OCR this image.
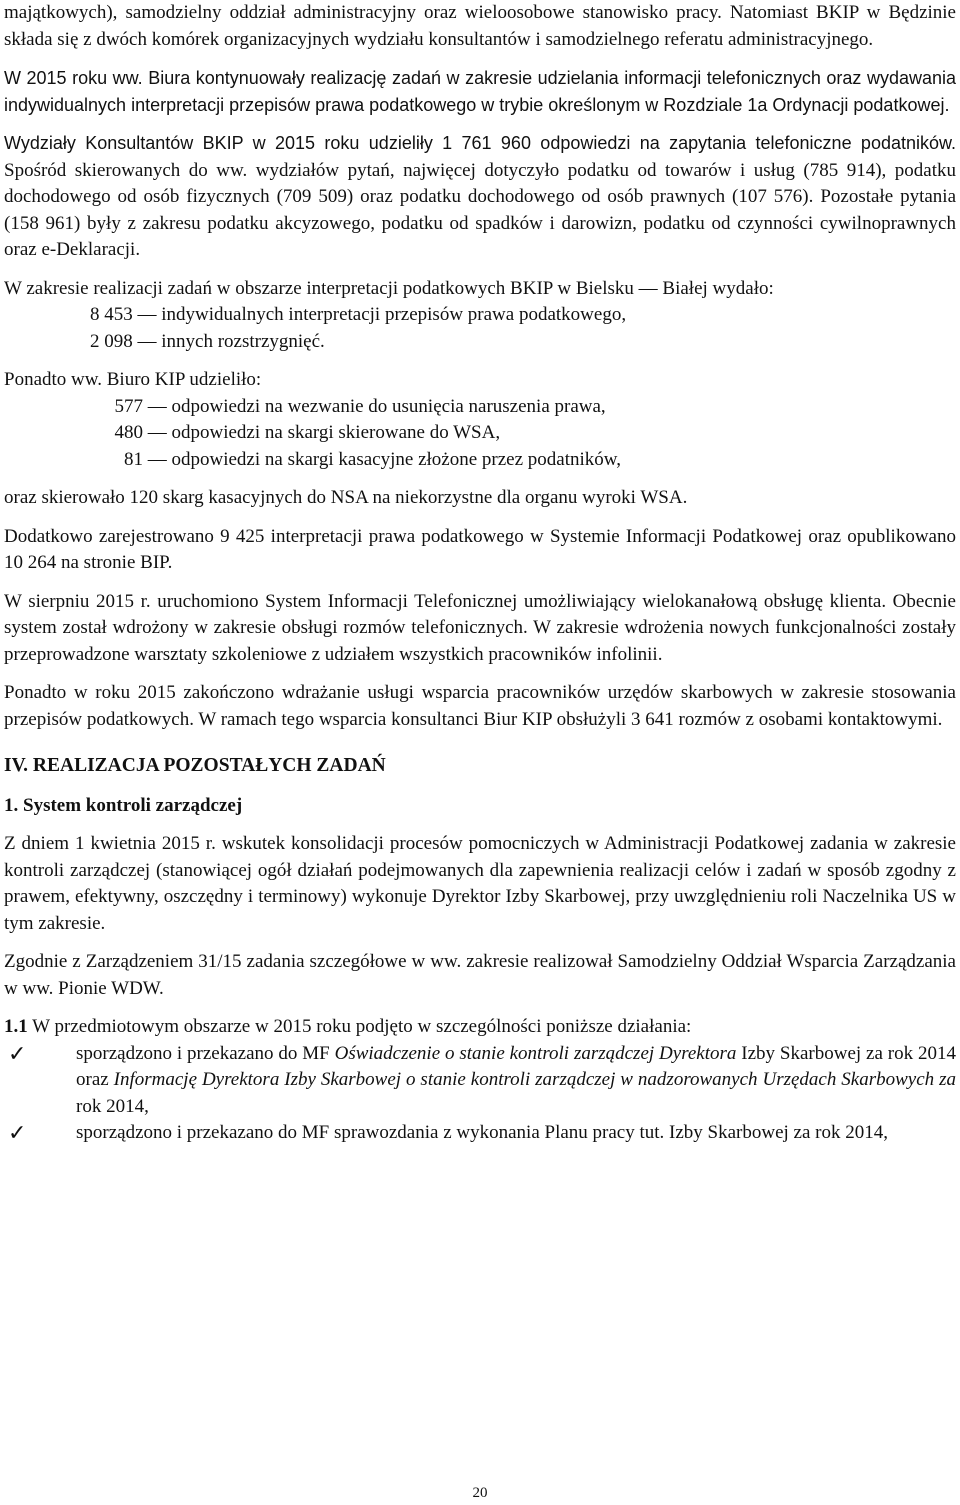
majątkowych), samodzielny oddział administracyjny oraz wieloosobowe stanowisko pracy. Natomiast BKIP w Będzinie składa się z dwóch komórek organizacyjnych wydziału konsultantów i samodzielnego referatu administracyjnego.

W 2015 roku ww. Biura kontynuowały realizację zadań w zakresie udzielania informacji telefonicznych oraz wydawania indywidualnych interpretacji przepisów prawa podatkowego w trybie określonym w Rozdziale 1a Ordynacji podatkowej.

Wydziały Konsultantów BKIP w 2015 roku udzieliły 1 761 960 odpowiedzi na zapytania telefoniczne podatników. Spośród skierowanych do ww. wydziałów pytań, najwięcej dotyczyło podatku od towarów i usług (785 914), podatku dochodowego od osób fizycznych (709 509) oraz podatku dochodowego od osób prawnych (107 576). Pozostałe pytania (158 961) były z zakresu podatku akcyzowego, podatku od spadków i darowizn, podatku od czynności cywilnoprawnych oraz e-Deklaracji.

W zakresie realizacji zadań w obszarze interpretacji podatkowych BKIP w Bielsku ― Białej wydało:

8 453 ― indywidualnych interpretacji przepisów prawa podatkowego,
2 098 ― innych rozstrzygnięć.

Ponadto ww. Biuro KIP udzieliło:

577 ― odpowiedzi na wezwanie do usunięcia naruszenia prawa,
480 ― odpowiedzi na skargi skierowane do WSA,
81 ― odpowiedzi na skargi kasacyjne złożone przez podatników,

oraz skierowało 120 skarg kasacyjnych do NSA na niekorzystne dla organu wyroki WSA.

Dodatkowo zarejestrowano 9 425 interpretacji prawa podatkowego w Systemie Informacji Podatkowej oraz opublikowano 10 264 na stronie BIP.

W sierpniu 2015 r. uruchomiono System Informacji Telefonicznej umożliwiający wielokanałową obsługę klienta. Obecnie system został wdrożony w zakresie obsługi rozmów telefonicznych. W zakresie wdrożenia nowych funkcjonalności zostały przeprowadzone warsztaty szkoleniowe z udziałem wszystkich pracowników infolinii.

Ponadto w roku 2015 zakończono wdrażanie usługi wsparcia pracowników urzędów skarbowych w zakresie stosowania przepisów podatkowych. W ramach tego wsparcia konsultanci Biur KIP obsłużyli 3 641 rozmów z osobami kontaktowymi.

IV. REALIZACJA POZOSTAŁYCH ZADAŃ
1. System kontroli zarządczej

Z dniem 1 kwietnia 2015 r. wskutek konsolidacji procesów pomocniczych w Administracji Podatkowej zadania w zakresie kontroli zarządczej (stanowiącej ogół działań podejmowanych dla zapewnienia realizacji celów i zadań w sposób zgodny z prawem, efektywny, oszczędny i terminowy) wykonuje Dyrektor Izby Skarbowej, przy uwzględnieniu roli Naczelnika US w tym zakresie.

Zgodnie z Zarządzeniem 31/15 zadania szczegółowe w ww. zakresie realizował Samodzielny Oddział Wsparcia Zarządzania w ww. Pionie WDW.

1.1 W przedmiotowym obszarze w 2015 roku podjęto w szczególności poniższe działania:

✓	sporządzono i przekazano do MF Oświadczenie o stanie kontroli zarządczej Dyrektora Izby Skarbowej za rok 2014 oraz Informację Dyrektora Izby Skarbowej o stanie kontroli zarządczej w nadzorowanych Urzędach Skarbowych za rok 2014,
✓	sporządzono i przekazano do MF sprawozdania z wykonania Planu pracy tut. Izby Skarbowej za rok 2014,
20
